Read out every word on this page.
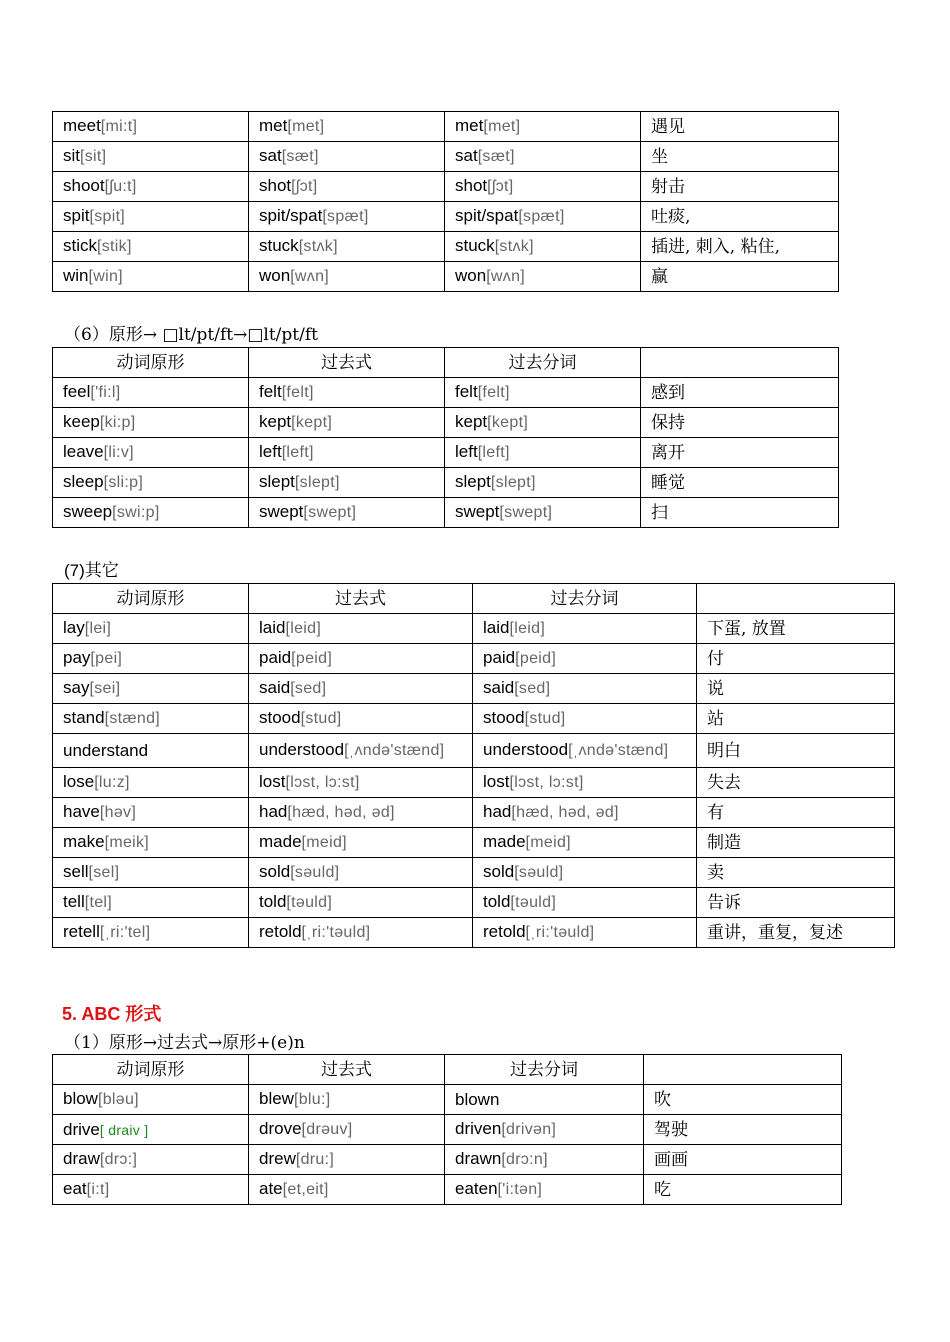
meet[mi:t]	met[met]	met[met]	遇见
sit[sit]	sat[sæt]	sat[sæt]	坐
shoot[ʃu:t]	shot[ʃɔt]	shot[ʃɔt]	射击
spit[spit]	spit/spat[spæt]	spit/spat[spæt]	吐痰,
stick[stik]	stuck[stʌk]	stuck[stʌk]	插进, 刺入, 粘住,
win[win]	won[wʌn]	won[wʌn]	赢
（6）原形→ □lt/pt/ft→□lt/pt/ft
动词原形	过去式	过去分词	
feel['fi:l]	felt[felt]	felt[felt]	感到
keep[ki:p]	kept[kept]	kept[kept]	保持
leave[li:v]	left[left]	left[left]	离开
sleep[sli:p]	slept[slept]	slept[slept]	睡觉
sweep[swi:p]	swept[swept]	swept[swept]	扫
(7)其它
动词原形	过去式	过去分词	
lay[lei]	laid[leid]	laid[leid]	下蛋, 放置
pay[pei]	paid[peid]	paid[peid]	付
say[sei]	said[sed]	said[sed]	说
stand[stænd]	stood[stud]	stood[stud]	站
understand	understood[ˌʌndə'stænd]	understood[ˌʌndə'stænd]	明白
lose[lu:z]	lost[lɔst, lɔ:st]	lost[lɔst, lɔ:st]	失去
have[həv]	had[hæd, həd, əd]	had[hæd, həd, əd]	有
make[meik]	made[meid]	made[meid]	制造
sell[sel]	sold[səuld]	sold[səuld]	卖
tell[tel]	told[təuld]	told[təuld]	告诉
retell[ˌri:'tel]	retold[ˌri:'təuld]	retold[ˌri:'təuld]	重讲，重复，复述
5. ABC 形式
（1）原形→过去式→原形+(e)n
动词原形	过去式	过去分词	
blow[bləu]	blew[blu:]	blown	吹
drive[ draiv ]	drove[drəuv]	driven[drivən]	驾驶
draw[drɔ:]	drew[dru:]	drawn[drɔ:n]	画画
eat[i:t]	ate[et,eit]	eaten['i:tən]	吃
